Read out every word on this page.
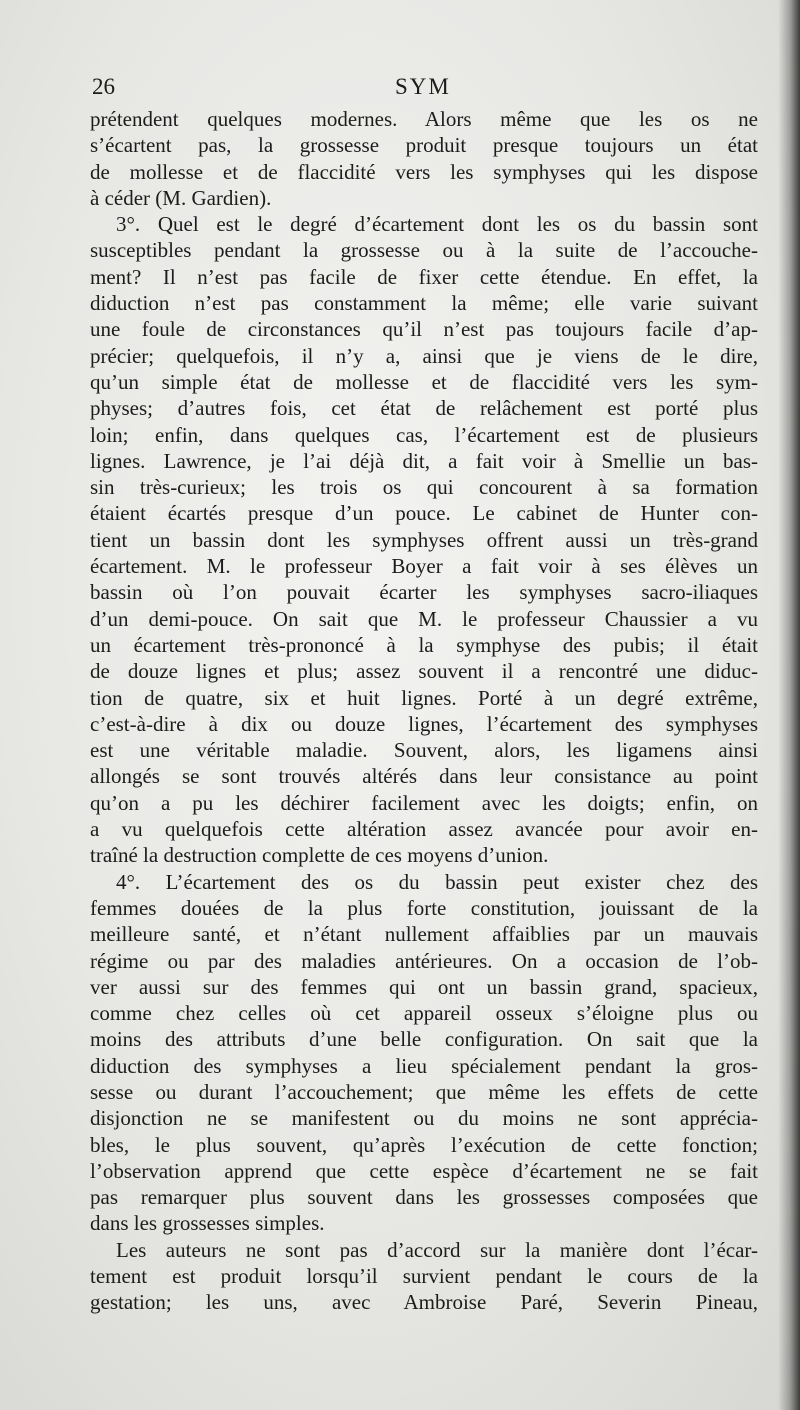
26	SYM
prétendent quelques modernes. Alors même que les os ne
s’écartent pas, la grossesse produit presque toujours un état
de mollesse et de flaccidité vers les symphyses qui les dispose
à céder (M. Gardien).
3°. Quel est le degré d’écartement dont les os du bassin sont
susceptibles pendant la grossesse ou à la suite de l’accouche-
ment? Il n’est pas facile de fixer cette étendue. En effet, la
diduction n’est pas constamment la même; elle varie suivant
une foule de circonstances qu’il n’est pas toujours facile d’ap-
précier; quelquefois, il n’y a, ainsi que je viens de le dire,
qu’un simple état de mollesse et de flaccidité vers les sym-
physes; d’autres fois, cet état de relâchement est porté plus
loin; enfin, dans quelques cas, l’écartement est de plusieurs
lignes. Lawrence, je l’ai déjà dit, a fait voir à Smellie un bas-
sin très-curieux; les trois os qui concourent à sa formation
étaient écartés presque d’un pouce. Le cabinet de Hunter con-
tient un bassin dont les symphyses offrent aussi un très-grand
écartement. M. le professeur Boyer a fait voir à ses élèves un
bassin où l’on pouvait écarter les symphyses sacro-iliaques
d’un demi-pouce. On sait que M. le professeur Chaussier a vu
un écartement très-prononcé à la symphyse des pubis; il était
de douze lignes et plus; assez souvent il a rencontré une diduc-
tion de quatre, six et huit lignes. Porté à un degré extrême,
c’est-à-dire à dix ou douze lignes, l’écartement des symphyses
est une véritable maladie. Souvent, alors, les ligamens ainsi
allongés se sont trouvés altérés dans leur consistance au point
qu’on a pu les déchirer facilement avec les doigts; enfin, on
a vu quelquefois cette altération assez avancée pour avoir en-
traîné la destruction complette de ces moyens d’union.
4°. L’écartement des os du bassin peut exister chez des
femmes douées de la plus forte constitution, jouissant de la
meilleure santé, et n’étant nullement affaiblies par un mauvais
régime ou par des maladies antérieures. On a occasion de l’ob-
ver aussi sur des femmes qui ont un bassin grand, spacieux,
comme chez celles où cet appareil osseux s’éloigne plus ou
moins des attributs d’une belle configuration. On sait que la
diduction des symphyses a lieu spécialement pendant la gros-
sesse ou durant l’accouchement; que même les effets de cette
disjonction ne se manifestent ou du moins ne sont apprécia-
bles, le plus souvent, qu’après l’exécution de cette fonction;
l’observation apprend que cette espèce d’écartement ne se fait
pas remarquer plus souvent dans les grossesses composées que
dans les grossesses simples.
Les auteurs ne sont pas d’accord sur la manière dont l’écar-
tement est produit lorsqu’il survient pendant le cours de la
gestation; les uns, avec Ambroise Paré, Severin Pineau,
